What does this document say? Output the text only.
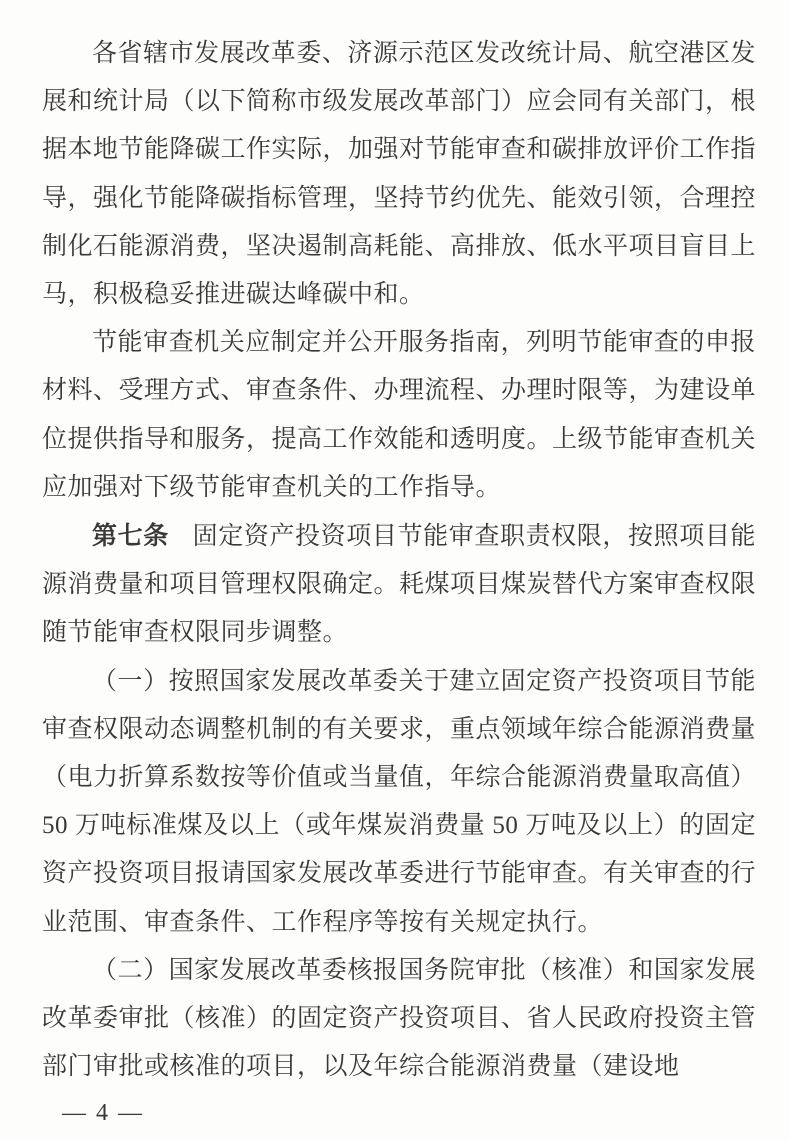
各省辖市发展改革委、济源示范区发改统计局、航空港区发展和统计局（以下简称市级发展改革部门）应会同有关部门，根据本地节能降碳工作实际，加强对节能审查和碳排放评价工作指导，强化节能降碳指标管理，坚持节约优先、能效引领，合理控制化石能源消费，坚决遏制高耗能、高排放、低水平项目盲目上马，积极稳妥推进碳达峰碳中和。

节能审查机关应制定并公开服务指南，列明节能审查的申报材料、受理方式、审查条件、办理流程、办理时限等，为建设单位提供指导和服务，提高工作效能和透明度。上级节能审查机关应加强对下级节能审查机关的工作指导。

第七条 固定资产投资项目节能审查职责权限，按照项目能源消费量和项目管理权限确定。耗煤项目煤炭替代方案审查权限随节能审查权限同步调整。

（一）按照国家发展改革委关于建立固定资产投资项目节能审查权限动态调整机制的有关要求，重点领域年综合能源消费量（电力折算系数按等价值或当量值，年综合能源消费量取高值）50 万吨标准煤及以上（或年煤炭消费量 50 万吨及以上）的固定资产投资项目报请国家发展改革委进行节能审查。有关审查的行业范围、审查条件、工作程序等按有关规定执行。

（二）国家发展改革委核报国务院审批（核准）和国家发展改革委审批（核准）的固定资产投资项目、省人民政府投资主管部门审批或核准的项目，以及年综合能源消费量（建设地

— 4 —
